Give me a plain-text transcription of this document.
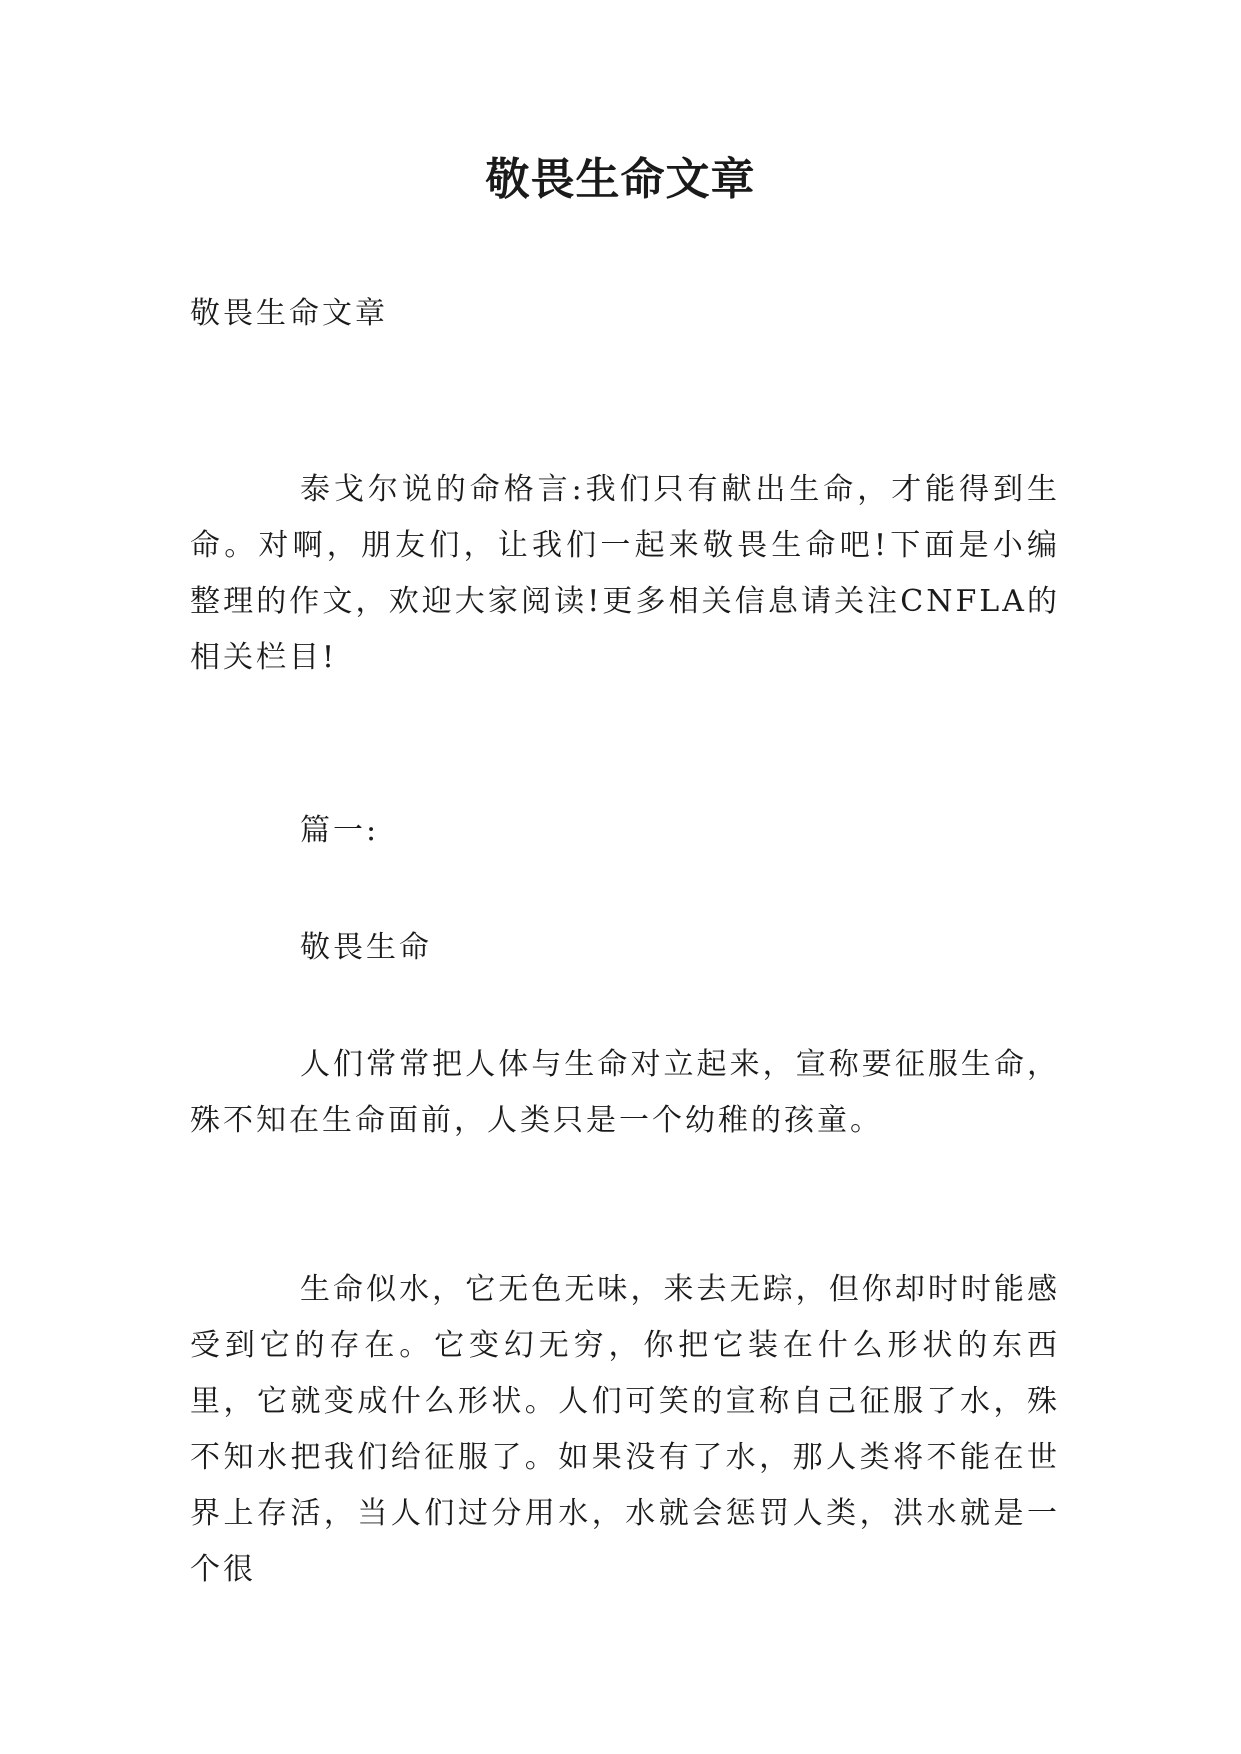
敬畏生命文章

敬畏生命文章

泰戈尔说的命格言:我们只有献出生命，才能得到生命。对啊，朋友们，让我们一起来敬畏生命吧!下面是小编整理的作文，欢迎大家阅读!更多相关信息请关注CNFLA的相关栏目!

篇一:

敬畏生命

人们常常把人体与生命对立起来，宣称要征服生命，殊不知在生命面前，人类只是一个幼稚的孩童。

生命似水，它无色无味，来去无踪，但你却时时能感受到它的存在。它变幻无穷，你把它装在什么形状的东西里，它就变成什么形状。人们可笑的宣称自己征服了水，殊不知水把我们给征服了。如果没有了水，那人类将不能在世界上存活，当人们过分用水，水就会惩罚人类，洪水就是一个很
